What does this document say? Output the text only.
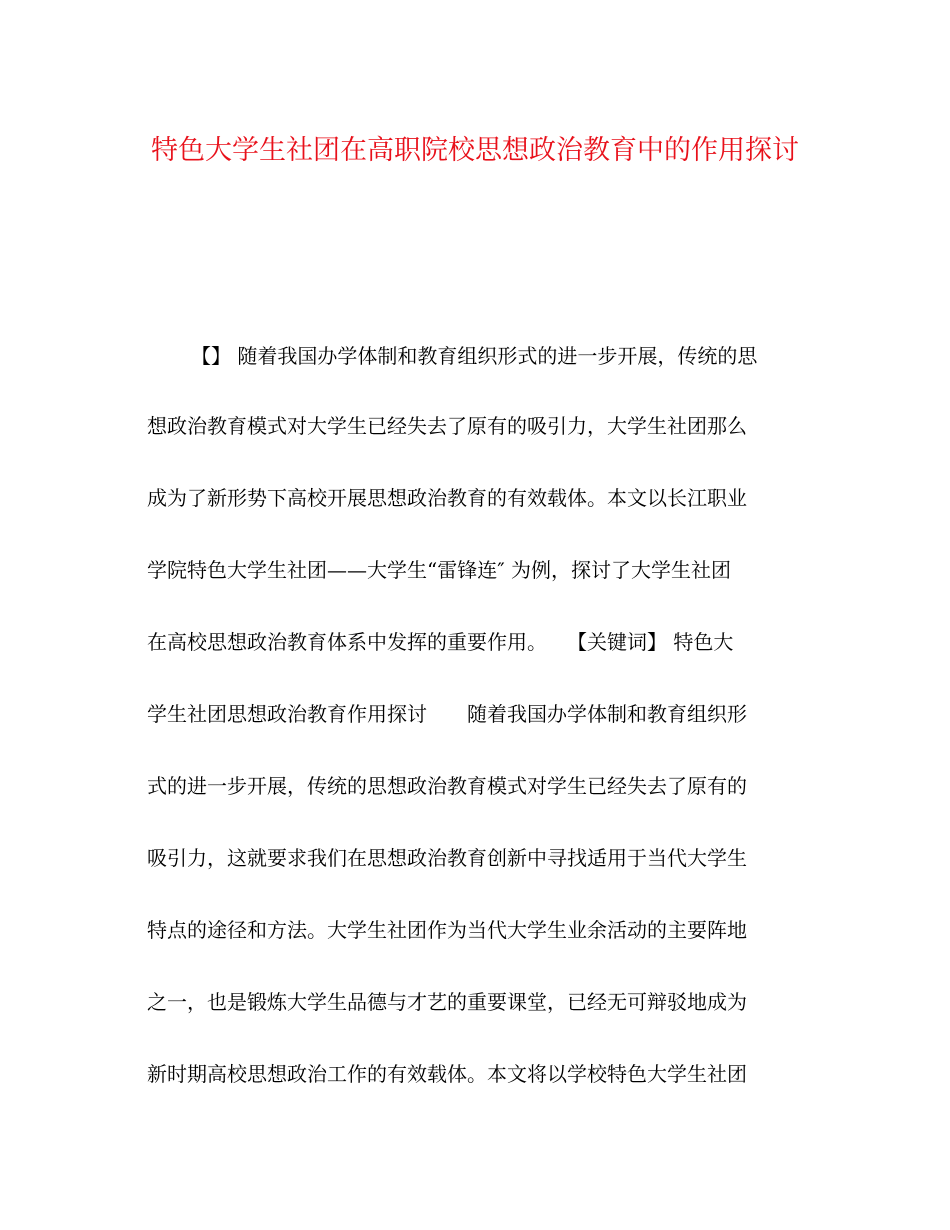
特色大学生社团在高职院校思想政治教育中的作用探讨

【】 随着我国办学体制和教育组织形式的进一步开展，传统的思

想政治教育模式对大学生已经失去了原有的吸引力，大学生社团那么

成为了新形势下高校开展思想政治教育的有效载体。本文以长江职业

学院特色大学生社团——大学生“雷锋连″ 为例，探讨了大学生社团

在高校思想政治教育体系中发挥的重要作用。　　【关键词】 特色大

学生社团思想政治教育作用探讨　　随着我国办学体制和教育组织形

式的进一步开展，传统的思想政治教育模式对学生已经失去了原有的

吸引力，这就要求我们在思想政治教育创新中寻找适用于当代大学生

特点的途径和方法。大学生社团作为当代大学生业余活动的主要阵地

之一，也是锻炼大学生品德与才艺的重要课堂，已经无可辩驳地成为

新时期高校思想政治工作的有效载体。本文将以学校特色大学生社团
